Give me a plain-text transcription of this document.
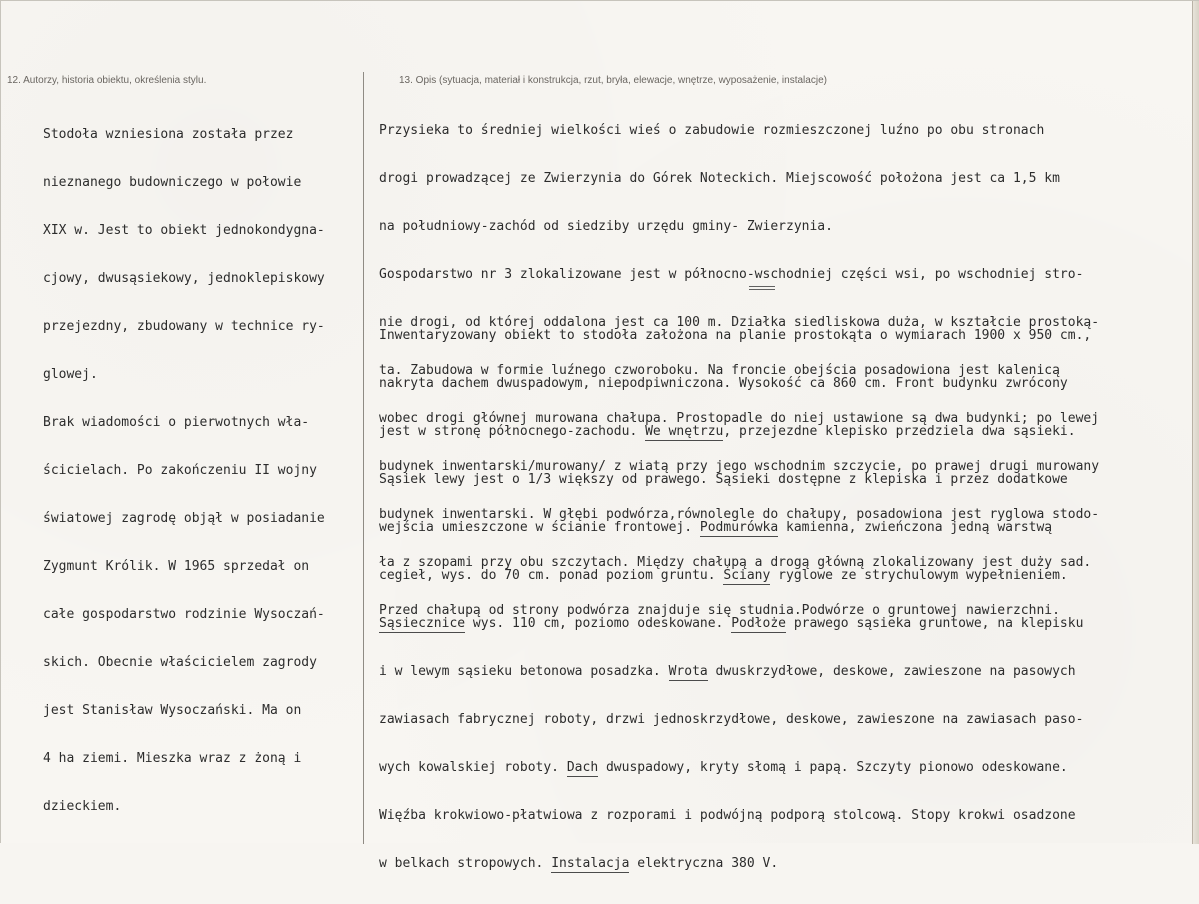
12. Autorzy, historia obiektu, określenia stylu.	13. Opis (sytuacja, materiał i konstrukcja, rzut, bryła, elewacje, wnętrze, wyposażenie, instalacje)

Stodoła wzniesiona została przez

nieznanego budowniczego w połowie

XIX w. Jest to obiekt jednokondygna-

cjowy, dwusąsiekowy, jednoklepiskowy

przejezdny, zbudowany w technice ry-

glowej.

Brak wiadomości o pierwotnych wła-

ścicielach. Po zakończeniu II wojny

światowej zagrodę objął w posiadanie

Zygmunt Królik. W 1965 sprzedał on

całe gospodarstwo rodzinie Wysoczań-

skich. Obecnie właścicielem zagrody

jest Stanisław Wysoczański. Ma on

4 ha ziemi. Mieszka wraz z żoną i

dzieckiem.

Przysieka to średniej wielkości wieś o zabudowie rozmieszczonej luźno po obu stronach

drogi prowadzącej ze Zwierzynia do Górek Noteckich. Miejscowość położona jest ca 1,5 km

na południowy-zachód od siedziby urzędu gminy- Zwierzynia.

Gospodarstwo nr 3 zlokalizowane jest w północno-wschodniej części wsi, po wschodniej stro-

nie drogi, od której oddalona jest ca 100 m. Działka siedliskowa duża, w kształcie prostoką-

ta. Zabudowa w formie luźnego czworoboku. Na froncie obejścia posadowiona jest kalenicą

wobec drogi głównej murowana chałupa. Prostopadle do niej ustawione są dwa budynki; po lewej

budynek inwentarski/murowany/ z wiatą przy jego wschodnim szczycie, po prawej drugi murowany

budynek inwentarski. W głębi podwórza,równolegle do chałupy, posadowiona jest ryglowa stodo-

ła z szopami przy obu szczytach. Między chałupą a drogą główną zlokalizowany jest duży sad.

Przed chałupą od strony podwórza znajduje się studnia.Podwórze o gruntowej nawierzchni.

Inwentaryzowany obiekt to stodoła założona na planie prostokąta o wymiarach 1900 x 950 cm.,

nakryta dachem dwuspadowym, niepodpiwniczona. Wysokość ca 860 cm. Front budynku zwrócony

jest w stronę północnego-zachodu. We wnętrzu, przejezdne klepisko przedziela dwa sąsieki.

Sąsiek lewy jest o 1/3 większy od prawego. Sąsieki dostępne z klepiska i przez dodatkowe

wejścia umieszczone w ścianie frontowej. Podmurówka kamienna, zwieńczona jedną warstwą

cegieł, wys. do 70 cm. ponad poziom gruntu. Ściany ryglowe ze strychulowym wypełnieniem.

Sąsiecznice wys. 110 cm, poziomo odeskowane. Podłoże prawego sąsieka gruntowe, na klepisku

i w lewym sąsieku betonowa posadzka. Wrota dwuskrzydłowe, deskowe, zawieszone na pasowych

zawiasach fabrycznej roboty, drzwi jednoskrzydłowe, deskowe, zawieszone na zawiasach paso-

wych kowalskiej roboty. Dach dwuspadowy, kryty słomą i papą. Szczyty pionowo odeskowane.

Więźba krokwiowo-płatwiowa z rozporami i podwójną podporą stolcową. Stopy krokwi osadzone

w belkach stropowych. Instalacja elektryczna 380 V.
